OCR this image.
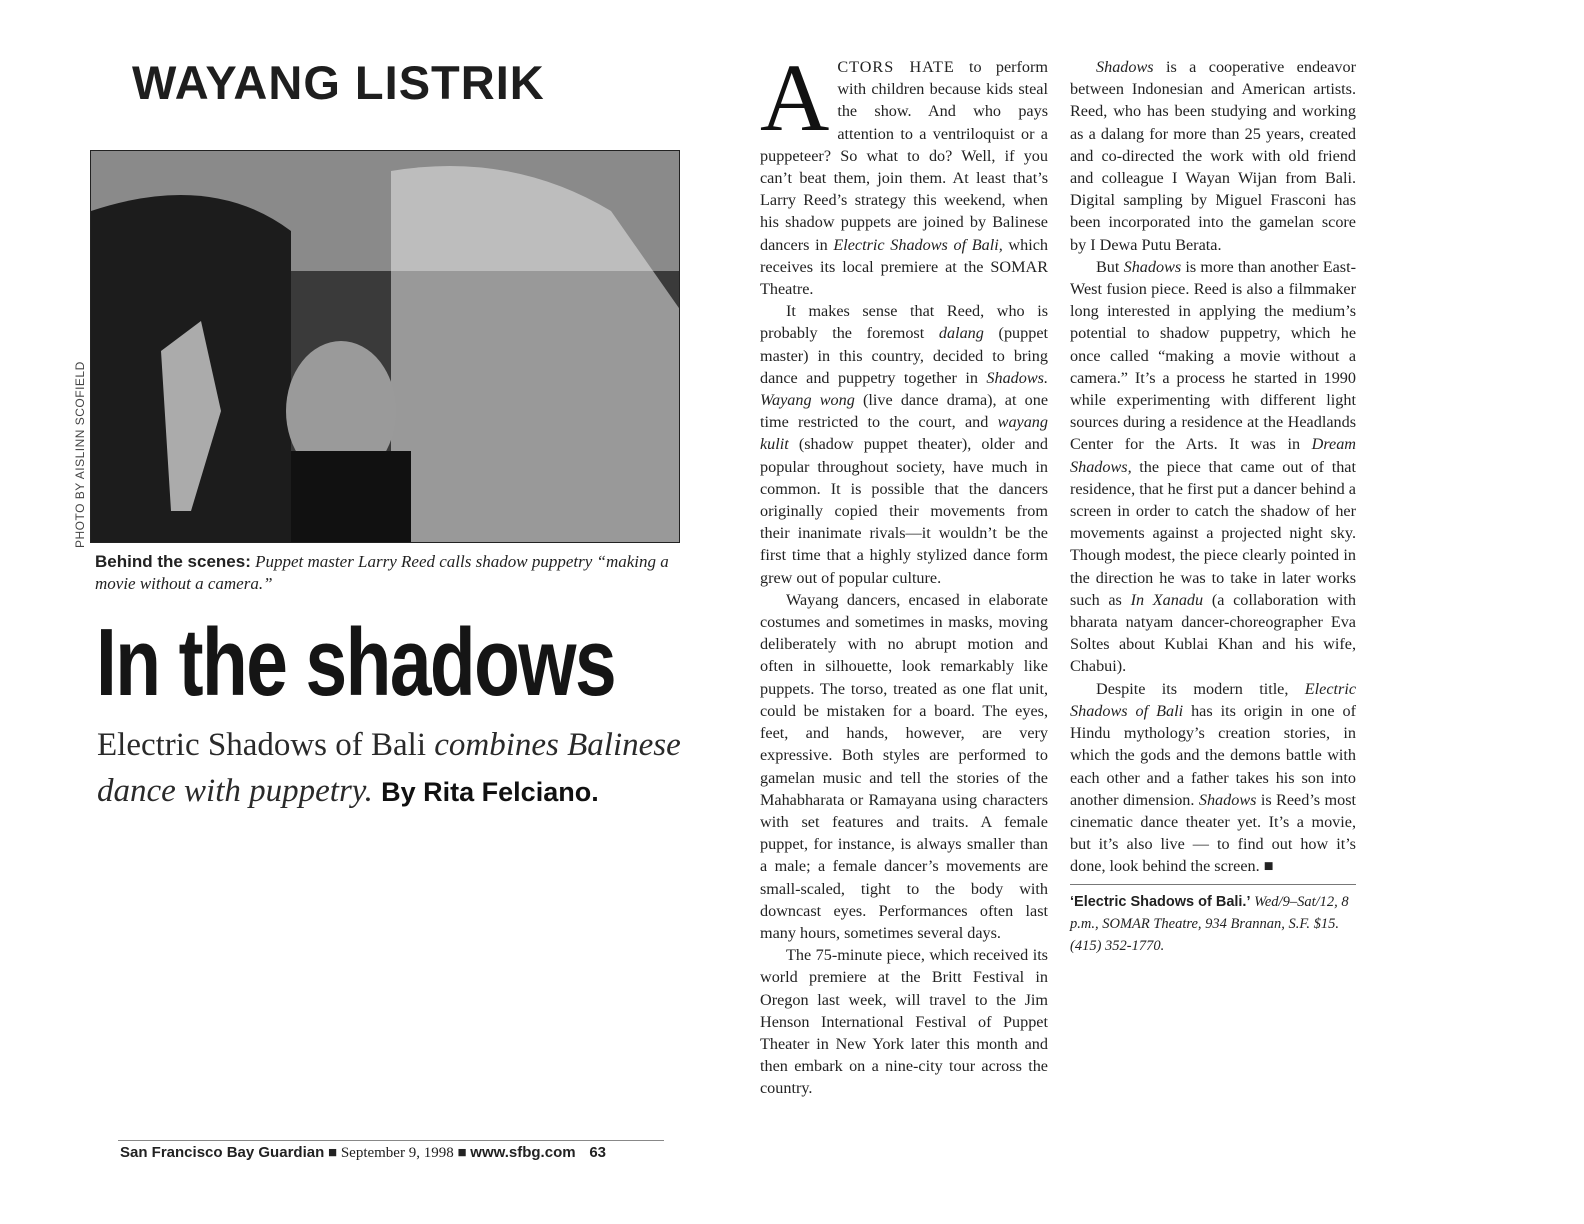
WAYANG LISTRIK
PHOTO BY AISLINN SCOFIELD
Behind the scenes: Puppet master Larry Reed calls shadow puppetry “making a movie without a camera.”
In the shadows
Electric Shadows of Bali combines Balinese dance with puppetry. By Rita Felciano.
San Francisco Bay Guardian ■ September 9, 1998 ■ www.sfbg.com 63

ACTORS HATE to perform with children because kids steal the show. And who pays attention to a ventriloquist or a puppeteer? So what to do? Well, if you can’t beat them, join them. At least that’s Larry Reed’s strategy this weekend, when his shadow puppets are joined by Balinese dancers in Electric Shadows of Bali, which receives its local premiere at the SOMAR Theatre.

It makes sense that Reed, who is probably the foremost dalang (puppet master) in this country, decided to bring dance and puppetry together in Shadows. Wayang wong (live dance drama), at one time restricted to the court, and wayang kulit (shadow puppet theater), older and popular throughout society, have much in common. It is possible that the dancers originally copied their movements from their inanimate rivals—it wouldn’t be the first time that a highly stylized dance form grew out of popular culture.

Wayang dancers, encased in elaborate costumes and sometimes in masks, moving deliberately with no abrupt motion and often in silhouette, look remarkably like puppets. The torso, treated as one flat unit, could be mistaken for a board. The eyes, feet, and hands, however, are very expressive. Both styles are performed to gamelan music and tell the stories of the Mahabharata or Ramayana using characters with set features and traits. A female puppet, for instance, is always smaller than a male; a female dancer’s movements are small-scaled, tight to the body with downcast eyes. Performances often last many hours, sometimes several days.

The 75-minute piece, which received its world premiere at the Britt Festival in Oregon last week, will travel to the Jim Henson International Festival of Puppet Theater in New York later this month and then embark on a nine-city tour across the country.

Shadows is a cooperative endeavor between Indonesian and American artists. Reed, who has been studying and working as a dalang for more than 25 years, created and co-directed the work with old friend and colleague I Wayan Wijan from Bali. Digital sampling by Miguel Frasconi has been incorporated into the gamelan score by I Dewa Putu Berata.

But Shadows is more than another East-West fusion piece. Reed is also a filmmaker long interested in applying the medium’s potential to shadow puppetry, which he once called “making a movie without a camera.” It’s a process he started in 1990 while experimenting with different light sources during a residence at the Headlands Center for the Arts. It was in Dream Shadows, the piece that came out of that residence, that he first put a dancer behind a screen in order to catch the shadow of her movements against a projected night sky. Though modest, the piece clearly pointed in the direction he was to take in later works such as In Xanadu (a collaboration with bharata natyam dancer-choreographer Eva Soltes about Kublai Khan and his wife, Chabui).

Despite its modern title, Electric Shadows of Bali has its origin in one of Hindu mythology’s creation stories, in which the gods and the demons battle with each other and a father takes his son into another dimension. Shadows is Reed’s most cinematic dance theater yet. It’s a movie, but it’s also live — to find out how it’s done, look behind the screen. ■

‘Electric Shadows of Bali.’ Wed/9–Sat/12, 8 p.m., SOMAR Theatre, 934 Brannan, S.F. $15. (415) 352-1770.
